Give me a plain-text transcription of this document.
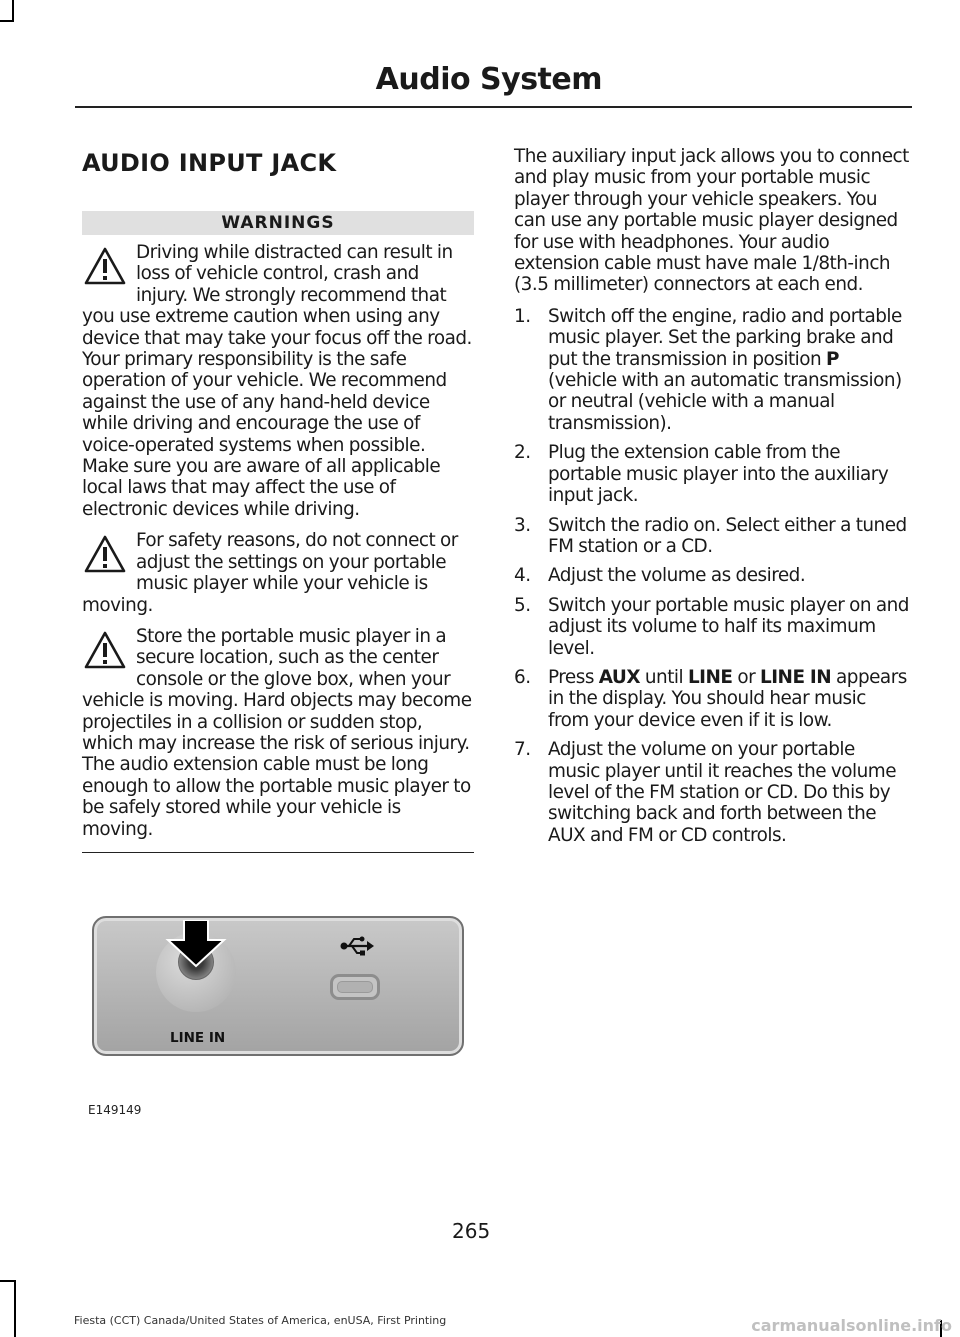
Audio System
AUDIO INPUT JACK
WARNINGS
Driving while distracted can result in loss of vehicle control, crash and injury. We strongly recommend that you use extreme caution when using any device that may take your focus off the road. Your primary responsibility is the safe operation of your vehicle. We recommend against the use of any hand-held device while driving and encourage the use of voice-operated systems when possible. Make sure you are aware of all applicable local laws that may affect the use of electronic devices while driving.
For safety reasons, do not connect or adjust the settings on your portable music player while your vehicle is moving.
Store the portable music player in a secure location, such as the center console or the glove box, when your vehicle is moving. Hard objects may become projectiles in a collision or sudden stop, which may increase the risk of serious injury. The audio extension cable must be long enough to allow the portable music player to be safely stored while your vehicle is moving.
LINE IN
E149149

The auxiliary input jack allows you to connect and play music from your portable music player through your vehicle speakers. You can use any portable music player designed for use with headphones. Your audio extension cable must have male 1/8th-inch (3.5 millimeter) connectors at each end.

1. Switch off the engine, radio and portable music player. Set the parking brake and put the transmission in position P (vehicle with an automatic transmission) or neutral (vehicle with a manual transmission).
2. Plug the extension cable from the portable music player into the auxiliary input jack.
3. Switch the radio on. Select either a tuned FM station or a CD.
4. Adjust the volume as desired.
5. Switch your portable music player on and adjust its volume to half its maximum level.
6. Press AUX until LINE or LINE IN appears in the display. You should hear music from your device even if it is low.
7. Adjust the volume on your portable music player until it reaches the volume level of the FM station or CD. Do this by switching back and forth between the AUX and FM or CD controls.
265
Fiesta (CCT) Canada/United States of America, enUSA, First Printing	carmanualsonline.info
